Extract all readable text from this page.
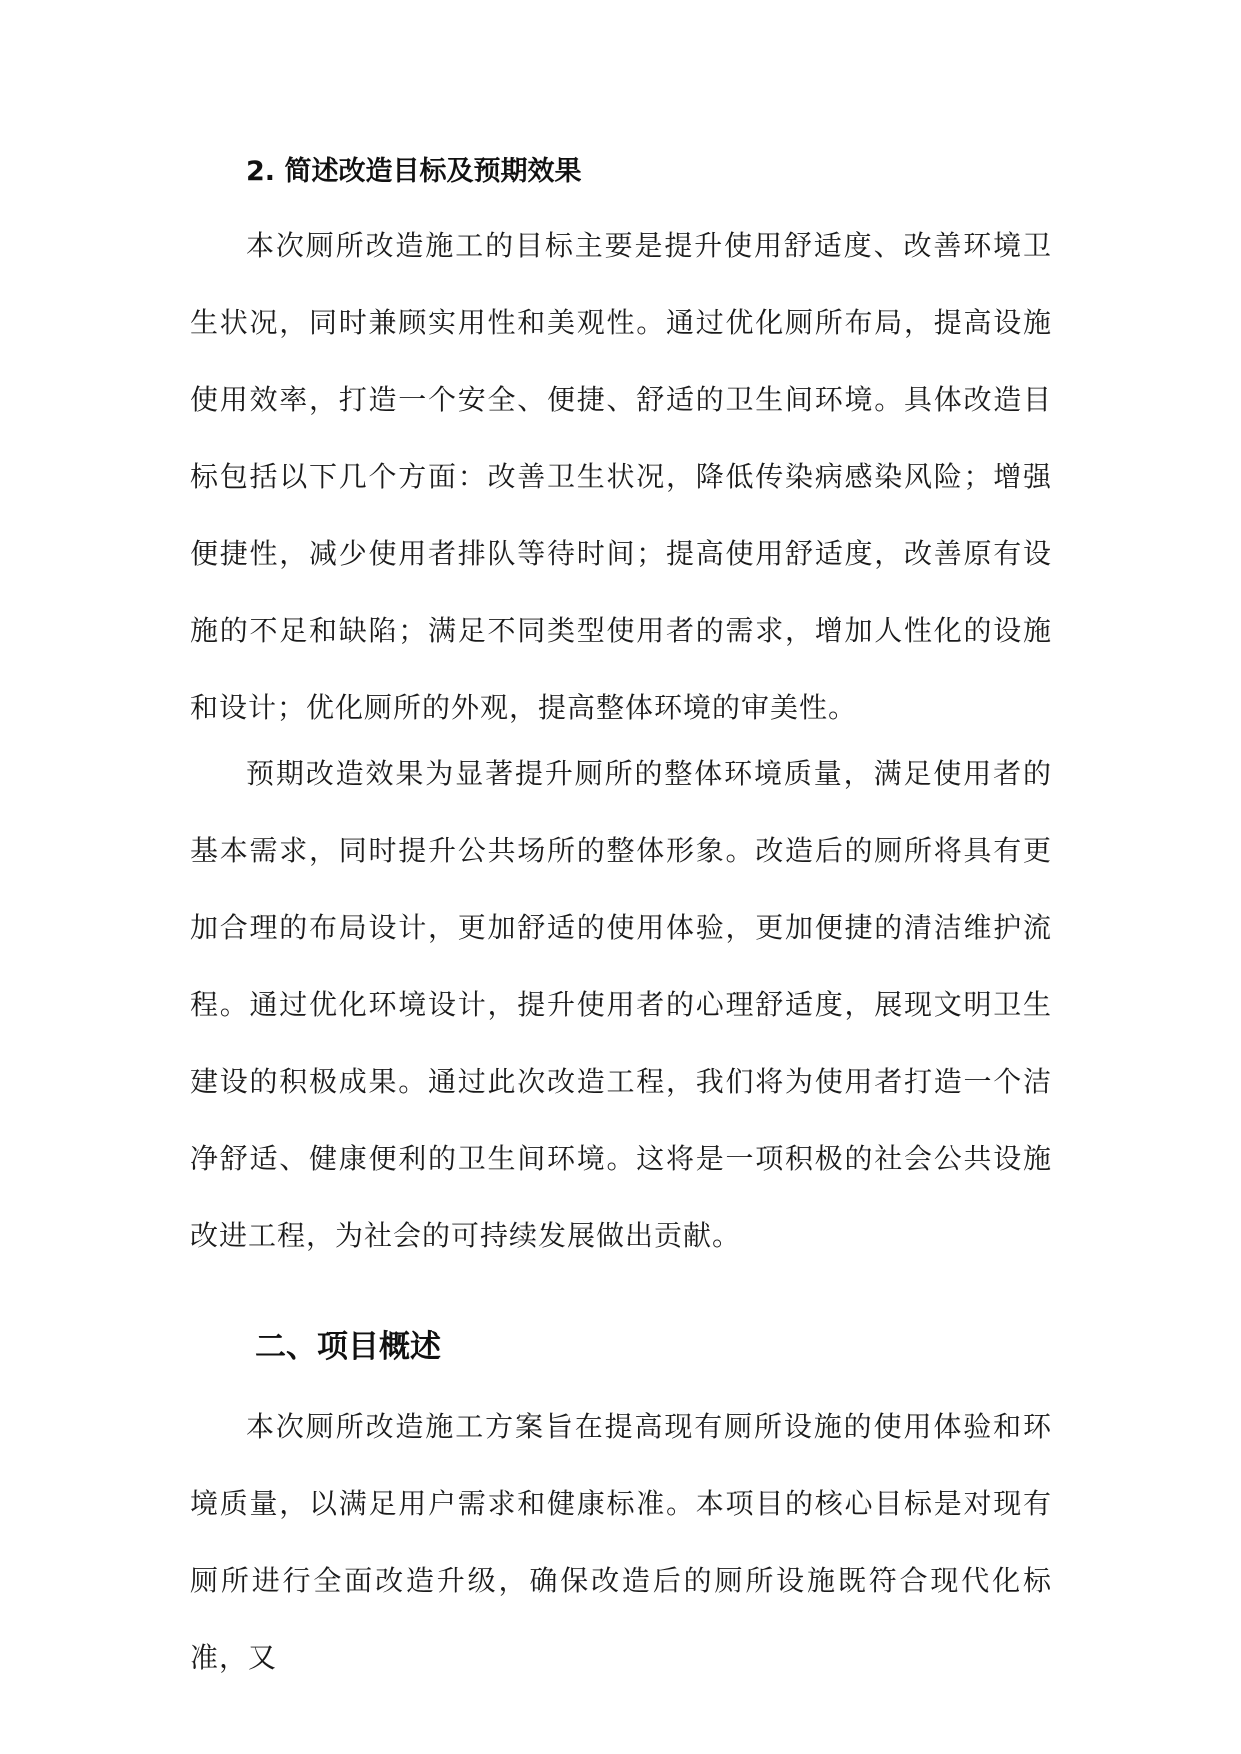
2. 简述改造目标及预期效果

本次厕所改造施工的目标主要是提升使用舒适度、改善环境卫生状况，同时兼顾实用性和美观性。通过优化厕所布局，提高设施使用效率，打造一个安全、便捷、舒适的卫生间环境。具体改造目标包括以下几个方面：改善卫生状况，降低传染病感染风险；增强便捷性，减少使用者排队等待时间；提高使用舒适度，改善原有设施的不足和缺陷；满足不同类型使用者的需求，增加人性化的设施和设计；优化厕所的外观，提高整体环境的审美性。

预期改造效果为显著提升厕所的整体环境质量，满足使用者的基本需求，同时提升公共场所的整体形象。改造后的厕所将具有更加合理的布局设计，更加舒适的使用体验，更加便捷的清洁维护流程。通过优化环境设计，提升使用者的心理舒适度，展现文明卫生建设的积极成果。通过此次改造工程，我们将为使用者打造一个洁净舒适、健康便利的卫生间环境。这将是一项积极的社会公共设施改进工程，为社会的可持续发展做出贡献。

二、项目概述

本次厕所改造施工方案旨在提高现有厕所设施的使用体验和环境质量，以满足用户需求和健康标准。本项目的核心目标是对现有厕所进行全面改造升级，确保改造后的厕所设施既符合现代化标准，又
